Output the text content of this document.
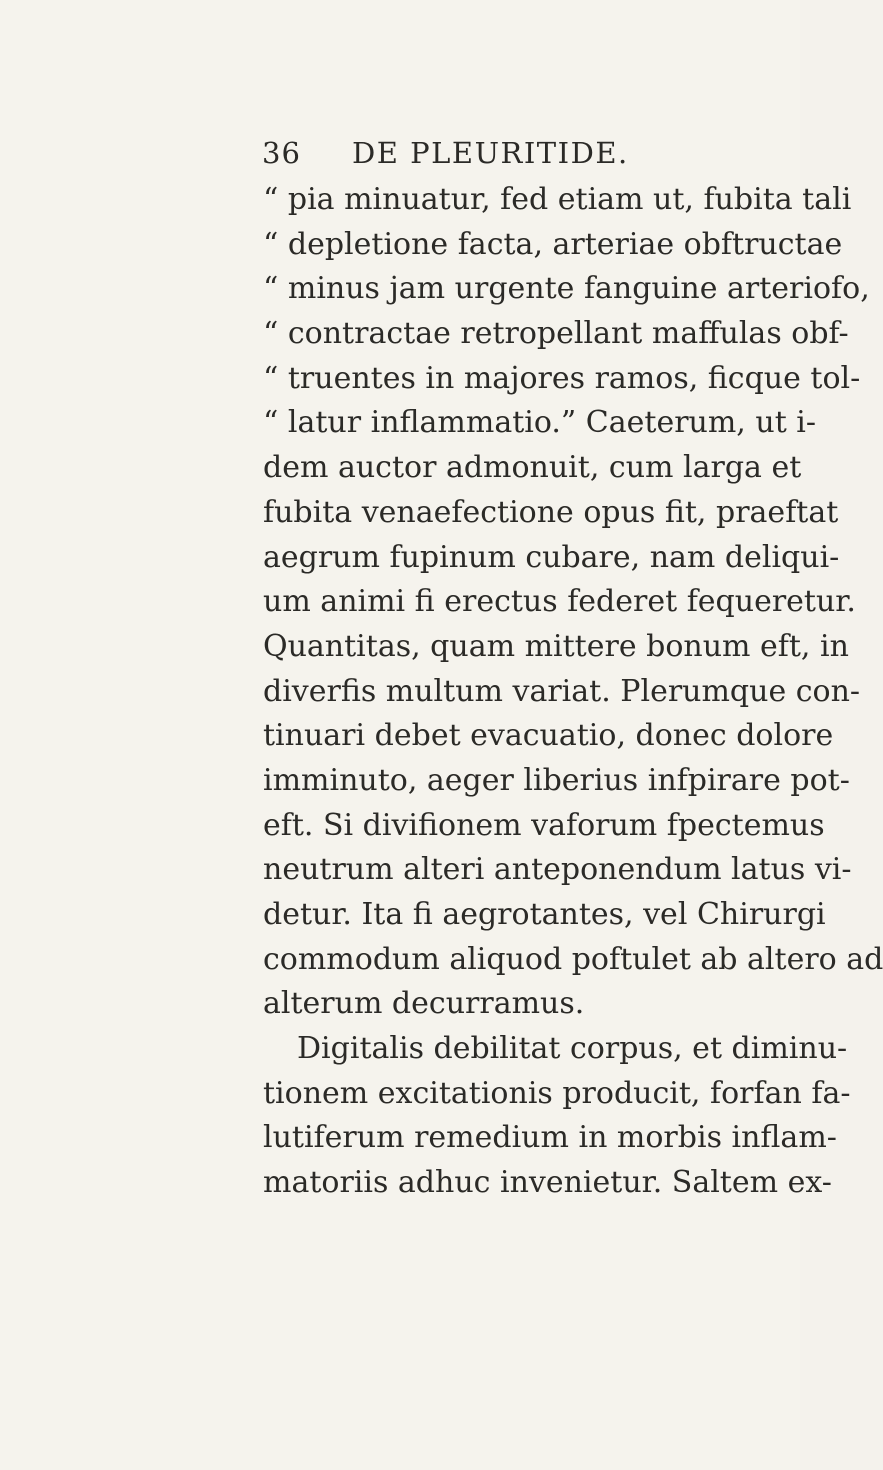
36 DE PLEURITIDE.
“ pia minuatur, fed etiam ut, fubita tali
“ depletione facta, arteriae obftructae
“ minus jam urgente fanguine arteriofo,
“ contractae retropellant maffulas obf-
“ truentes in majores ramos, ficque tol-
“ latur inflammatio.” Caeterum, ut i-
dem auctor admonuit, cum larga et
fubita venaefectione opus fit, praeftat
aegrum fupinum cubare, nam deliqui-
um animi fi erectus federet fequeretur.
Quantitas, quam mittere bonum eft, in
diverfis multum variat. Plerumque con-
tinuari debet evacuatio, donec dolore
imminuto, aeger liberius infpirare pot-
eft. Si divifionem vaforum fpectemus
neutrum alteri anteponendum latus vi-
detur. Ita fi aegrotantes, vel Chirurgi
commodum aliquod poftulet ab altero ad
alterum decurramus.
Digitalis debilitat corpus, et diminu-
tionem excitationis producit, forfan fa-
lutiferum remedium in morbis inflam-
matoriis adhuc invenietur. Saltem ex-
